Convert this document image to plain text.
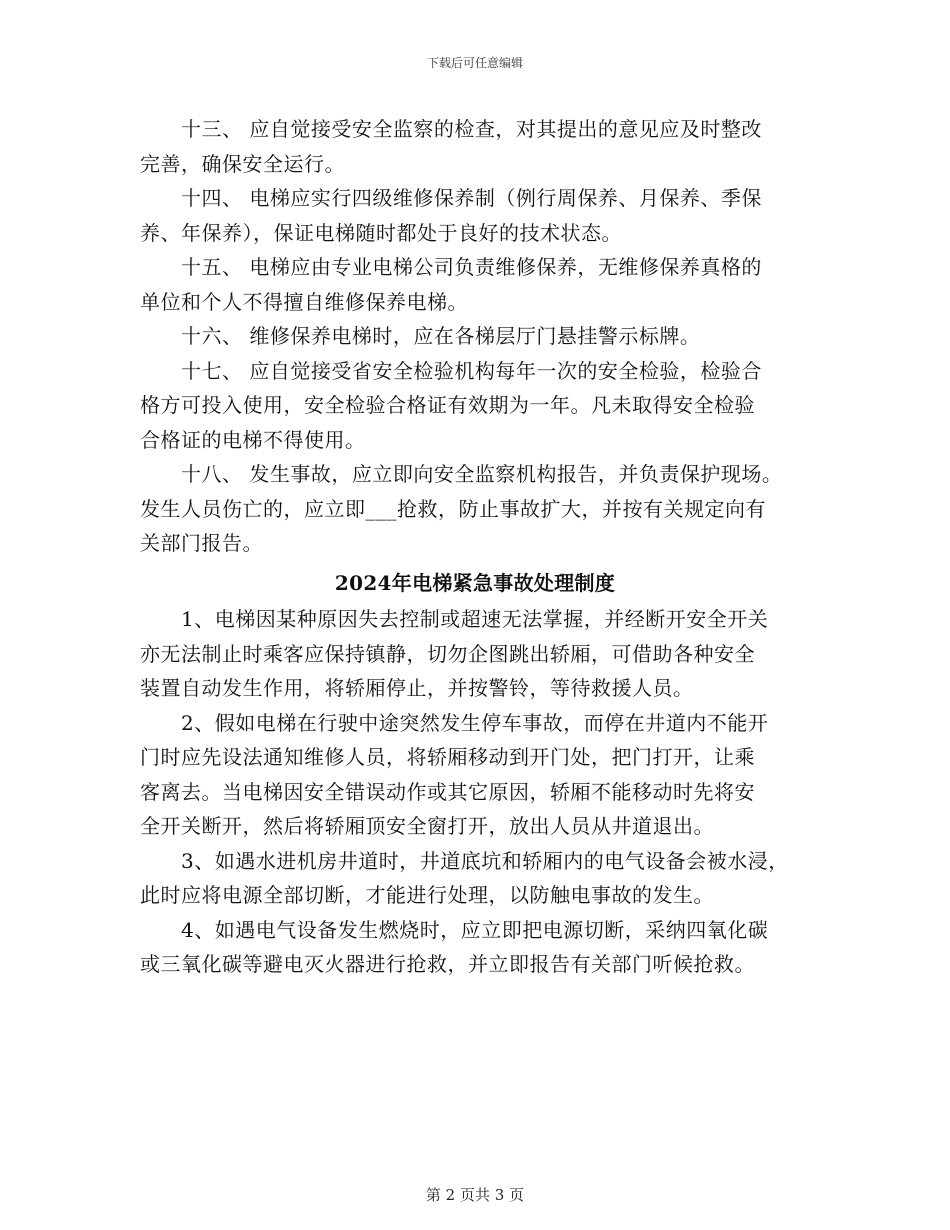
下载后可任意编辑

　　十三、 应自觉接受安全监察的检查，对其提出的意见应及时整改
完善，确保安全运行。

　　十四、 电梯应实行四级维修保养制（例行周保养、月保养、季保
养、年保养），保证电梯随时都处于良好的技术状态。

　　十五、 电梯应由专业电梯公司负责维修保养，无维修保养真格的
单位和个人不得擅自维修保养电梯。

　　十六、 维修保养电梯时，应在各梯层厅门悬挂警示标牌。

　　十七、 应自觉接受省安全检验机构每年一次的安全检验，检验合
格方可投入使用，安全检验合格证有效期为一年。凡未取得安全检验
合格证的电梯不得使用。

　　十八、 发生事故，应立即向安全监察机构报告，并负责保护现场。
发生人员伤亡的，应立即___抢救，防止事故扩大，并按有关规定向有
关部门报告。

2024年电梯紧急事故处理制度

　　1、电梯因某种原因失去控制或超速无法掌握，并经断开安全开关
亦无法制止时乘客应保持镇静，切勿企图跳出轿厢，可借助各种安全
装置自动发生作用，将轿厢停止，并按警铃，等待救援人员。

　　2、假如电梯在行驶中途突然发生停车事故，而停在井道内不能开
门时应先设法通知维修人员，将轿厢移动到开门处，把门打开，让乘
客离去。当电梯因安全错误动作或其它原因，轿厢不能移动时先将安
全开关断开，然后将轿厢顶安全窗打开，放出人员从井道退出。

　　3、如遇水进机房井道时，井道底坑和轿厢内的电气设备会被水浸，
此时应将电源全部切断，才能进行处理，以防触电事故的发生。

　　4、如遇电气设备发生燃烧时，应立即把电源切断，采纳四氧化碳
或三氧化碳等避电灭火器进行抢救，并立即报告有关部门听候抢救。

第 2 页共 3 页
